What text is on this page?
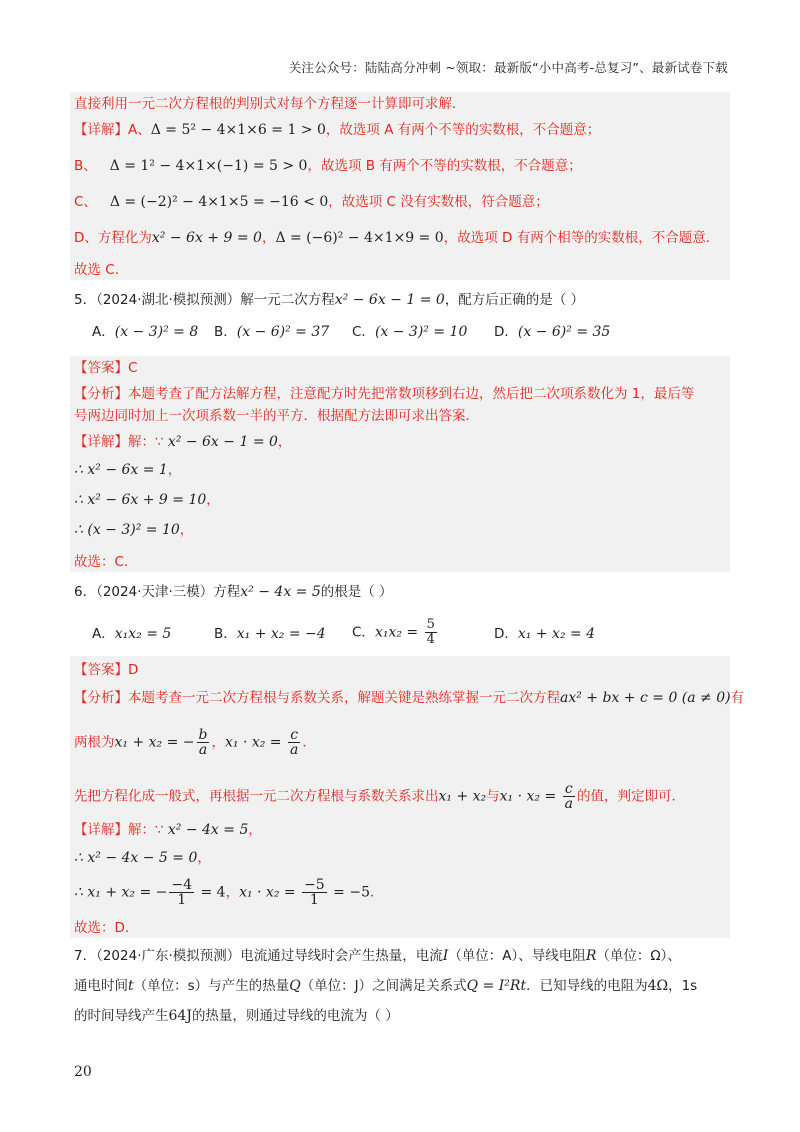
关注公众号：陆陆高分冲刺 ~领取：最新版“小中高考-总复习”、最新试卷下载
直接利用一元二次方程根的判别式对每个方程逐一计算即可求解．
【详解】A、Δ = 5² − 4×1×6 = 1 > 0，故选项 A 有两个不等的实数根，不合题意；
B、 Δ = 1² − 4×1×(−1) = 5 > 0，故选项 B 有两个不等的实数根，不合题意；
C、 Δ = (−2)² − 4×1×5 = −16 < 0，故选项 C 没有实数根，符合题意；
D、方程化为x² − 6x + 9 = 0，Δ = (−6)² − 4×1×9 = 0，故选项 D 有两个相等的实数根，不合题意．
故选 C．
5．（2024·湖北·模拟预测）解一元二次方程x² − 6x − 1 = 0，配方后正确的是（ ）
A．(x − 3)² = 8 B．(x − 6)² = 37 C．(x − 3)² = 10 D．(x − 6)² = 35
【答案】C
【分析】本题考查了配方法解方程，注意配方时先把常数项移到右边，然后把二次项系数化为 1，最后等
号两边同时加上一次项系数一半的平方．根据配方法即可求出答案．
【详解】解：∵ x² − 6x − 1 = 0，
∴ x² − 6x = 1，
∴ x² − 6x + 9 = 10，
∴ (x − 3)² = 10，
故选：C．
6．（2024·天津·三模）方程x² − 4x = 5的根是（ ）
A．x₁x₂ = 5	B．x₁ + x₂ = −4 C．$x_1x_2 = \frac{5}{4}$	D．x₁ + x₂ = 4
【答案】D
【分析】本题考查一元二次方程根与系数关系，解题关键是熟练掌握一元二次方程ax² + bx + c = 0 (a ≠ 0)有
两根为x₁ + x₂ = − $\frac{b}{a}$ ，$x_1 \cdot x_2 = \frac{c}{a}$ ．
先把方程化成一般式，再根据一元二次方程根与系数关系求出x₁ + x₂与$x_1 \cdot x_2 = \frac{c}{a}$ 的值，判定即可．
【详解】解：∵ x² − 4x = 5，
∴ x² − 4x − 5 = 0，
∴ x₁ + x₂ = − $\frac{-4}{1} = 4$，$x_1 \cdot x_2 = \frac{-5}{1} = -5$．
故选：D．
7．（2024·广东·模拟预测）电流通过导线时会产生热量，电流I（单位：A）、导线电阻R（单位：Ω）、
通电时间t（单位：s）与产生的热量Q（单位：J）之间满足关系式Q = I²Rt．已知导线的电阻为4Ω，1s
的时间导线产生64J的热量，则通过导线的电流为（ ）
20
